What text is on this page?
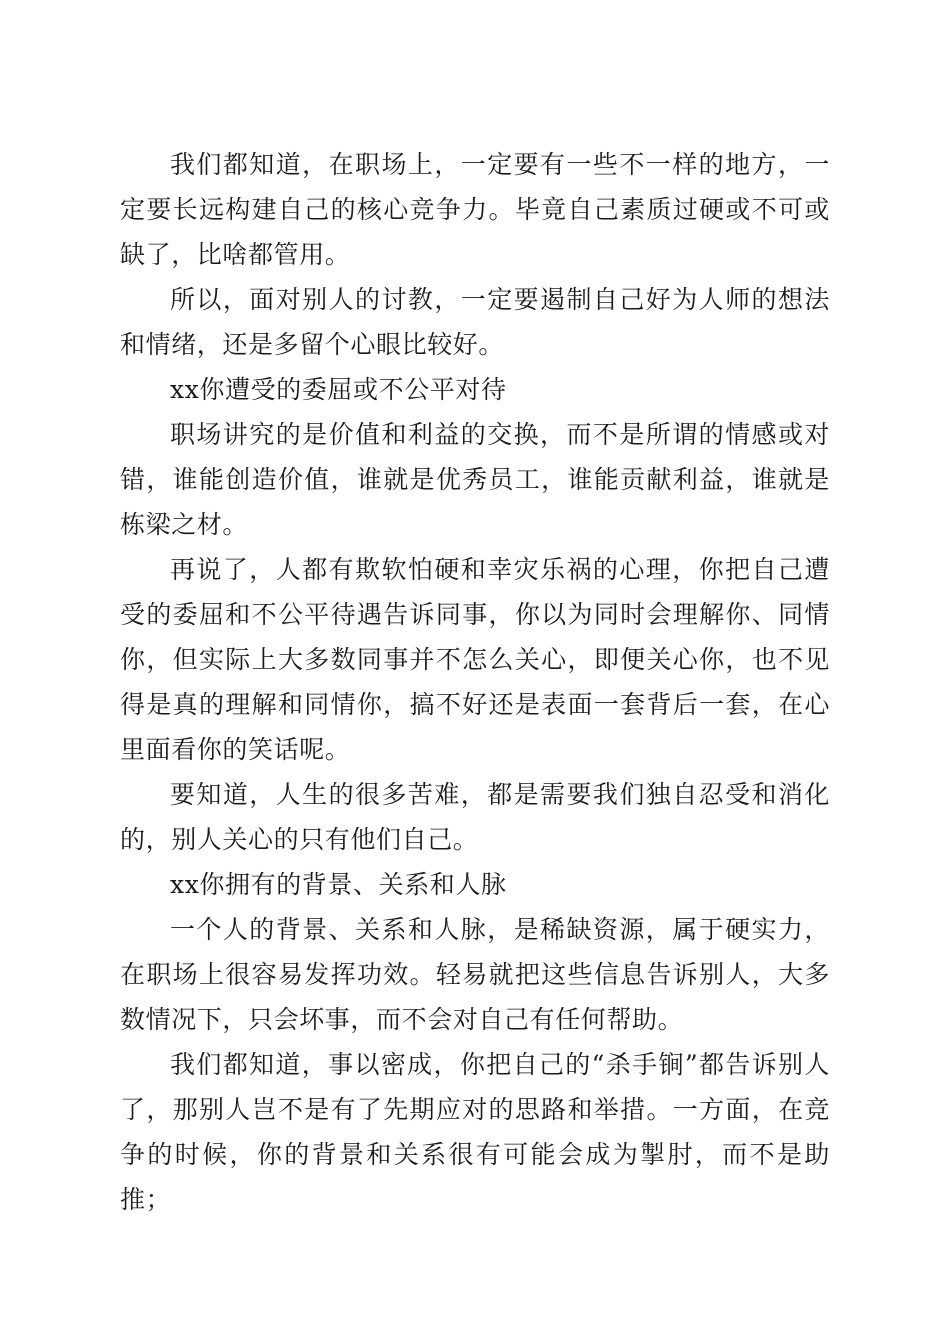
我们都知道，在职场上，一定要有一些不一样的地方，一定要长远构建自己的核心竞争力。毕竟自己素质过硬或不可或缺了，比啥都管用。

所以，面对别人的讨教，一定要遏制自己好为人师的想法和情绪，还是多留个心眼比较好。

xx你遭受的委屈或不公平对待

职场讲究的是价值和利益的交换，而不是所谓的情感或对错，谁能创造价值，谁就是优秀员工，谁能贡献利益，谁就是栋梁之材。

再说了，人都有欺软怕硬和幸灾乐祸的心理，你把自己遭受的委屈和不公平待遇告诉同事，你以为同时会理解你、同情你，但实际上大多数同事并不怎么关心，即便关心你，也不见得是真的理解和同情你，搞不好还是表面一套背后一套，在心里面看你的笑话呢。

要知道，人生的很多苦难，都是需要我们独自忍受和消化的，别人关心的只有他们自己。

xx你拥有的背景、关系和人脉

一个人的背景、关系和人脉，是稀缺资源，属于硬实力，在职场上很容易发挥功效。轻易就把这些信息告诉别人，大多数情况下，只会坏事，而不会对自己有任何帮助。

我们都知道，事以密成，你把自己的“杀手锏”都告诉别人了，那别人岂不是有了先期应对的思路和举措。一方面，在竞争的时候，你的背景和关系很有可能会成为掣肘，而不是助推；
